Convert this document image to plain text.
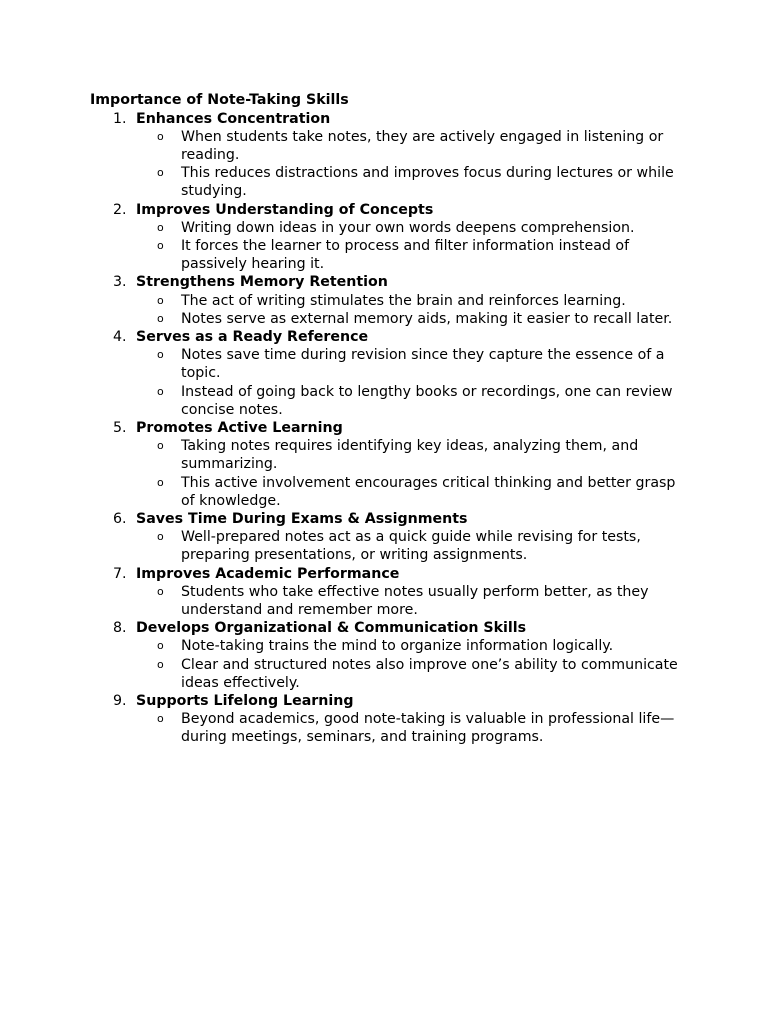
Importance of Note-Taking Skills
1. Enhances Concentration
o When students take notes, they are actively engaged in listening or reading.
o This reduces distractions and improves focus during lectures or while studying.
2. Improves Understanding of Concepts
o Writing down ideas in your own words deepens comprehension.
o It forces the learner to process and filter information instead of passively hearing it.
3. Strengthens Memory Retention
o The act of writing stimulates the brain and reinforces learning.
o Notes serve as external memory aids, making it easier to recall later.
4. Serves as a Ready Reference
o Notes save time during revision since they capture the essence of a topic.
o Instead of going back to lengthy books or recordings, one can review concise notes.
5. Promotes Active Learning
o Taking notes requires identifying key ideas, analyzing them, and summarizing.
o This active involvement encourages critical thinking and better grasp of knowledge.
6. Saves Time During Exams & Assignments
o Well-prepared notes act as a quick guide while revising for tests, preparing presentations, or writing assignments.
7. Improves Academic Performance
o Students who take effective notes usually perform better, as they understand and remember more.
8. Develops Organizational & Communication Skills
o Note-taking trains the mind to organize information logically.
o Clear and structured notes also improve one’s ability to communicate ideas effectively.
9. Supports Lifelong Learning
o Beyond academics, good note-taking is valuable in professional life—during meetings, seminars, and training programs.
